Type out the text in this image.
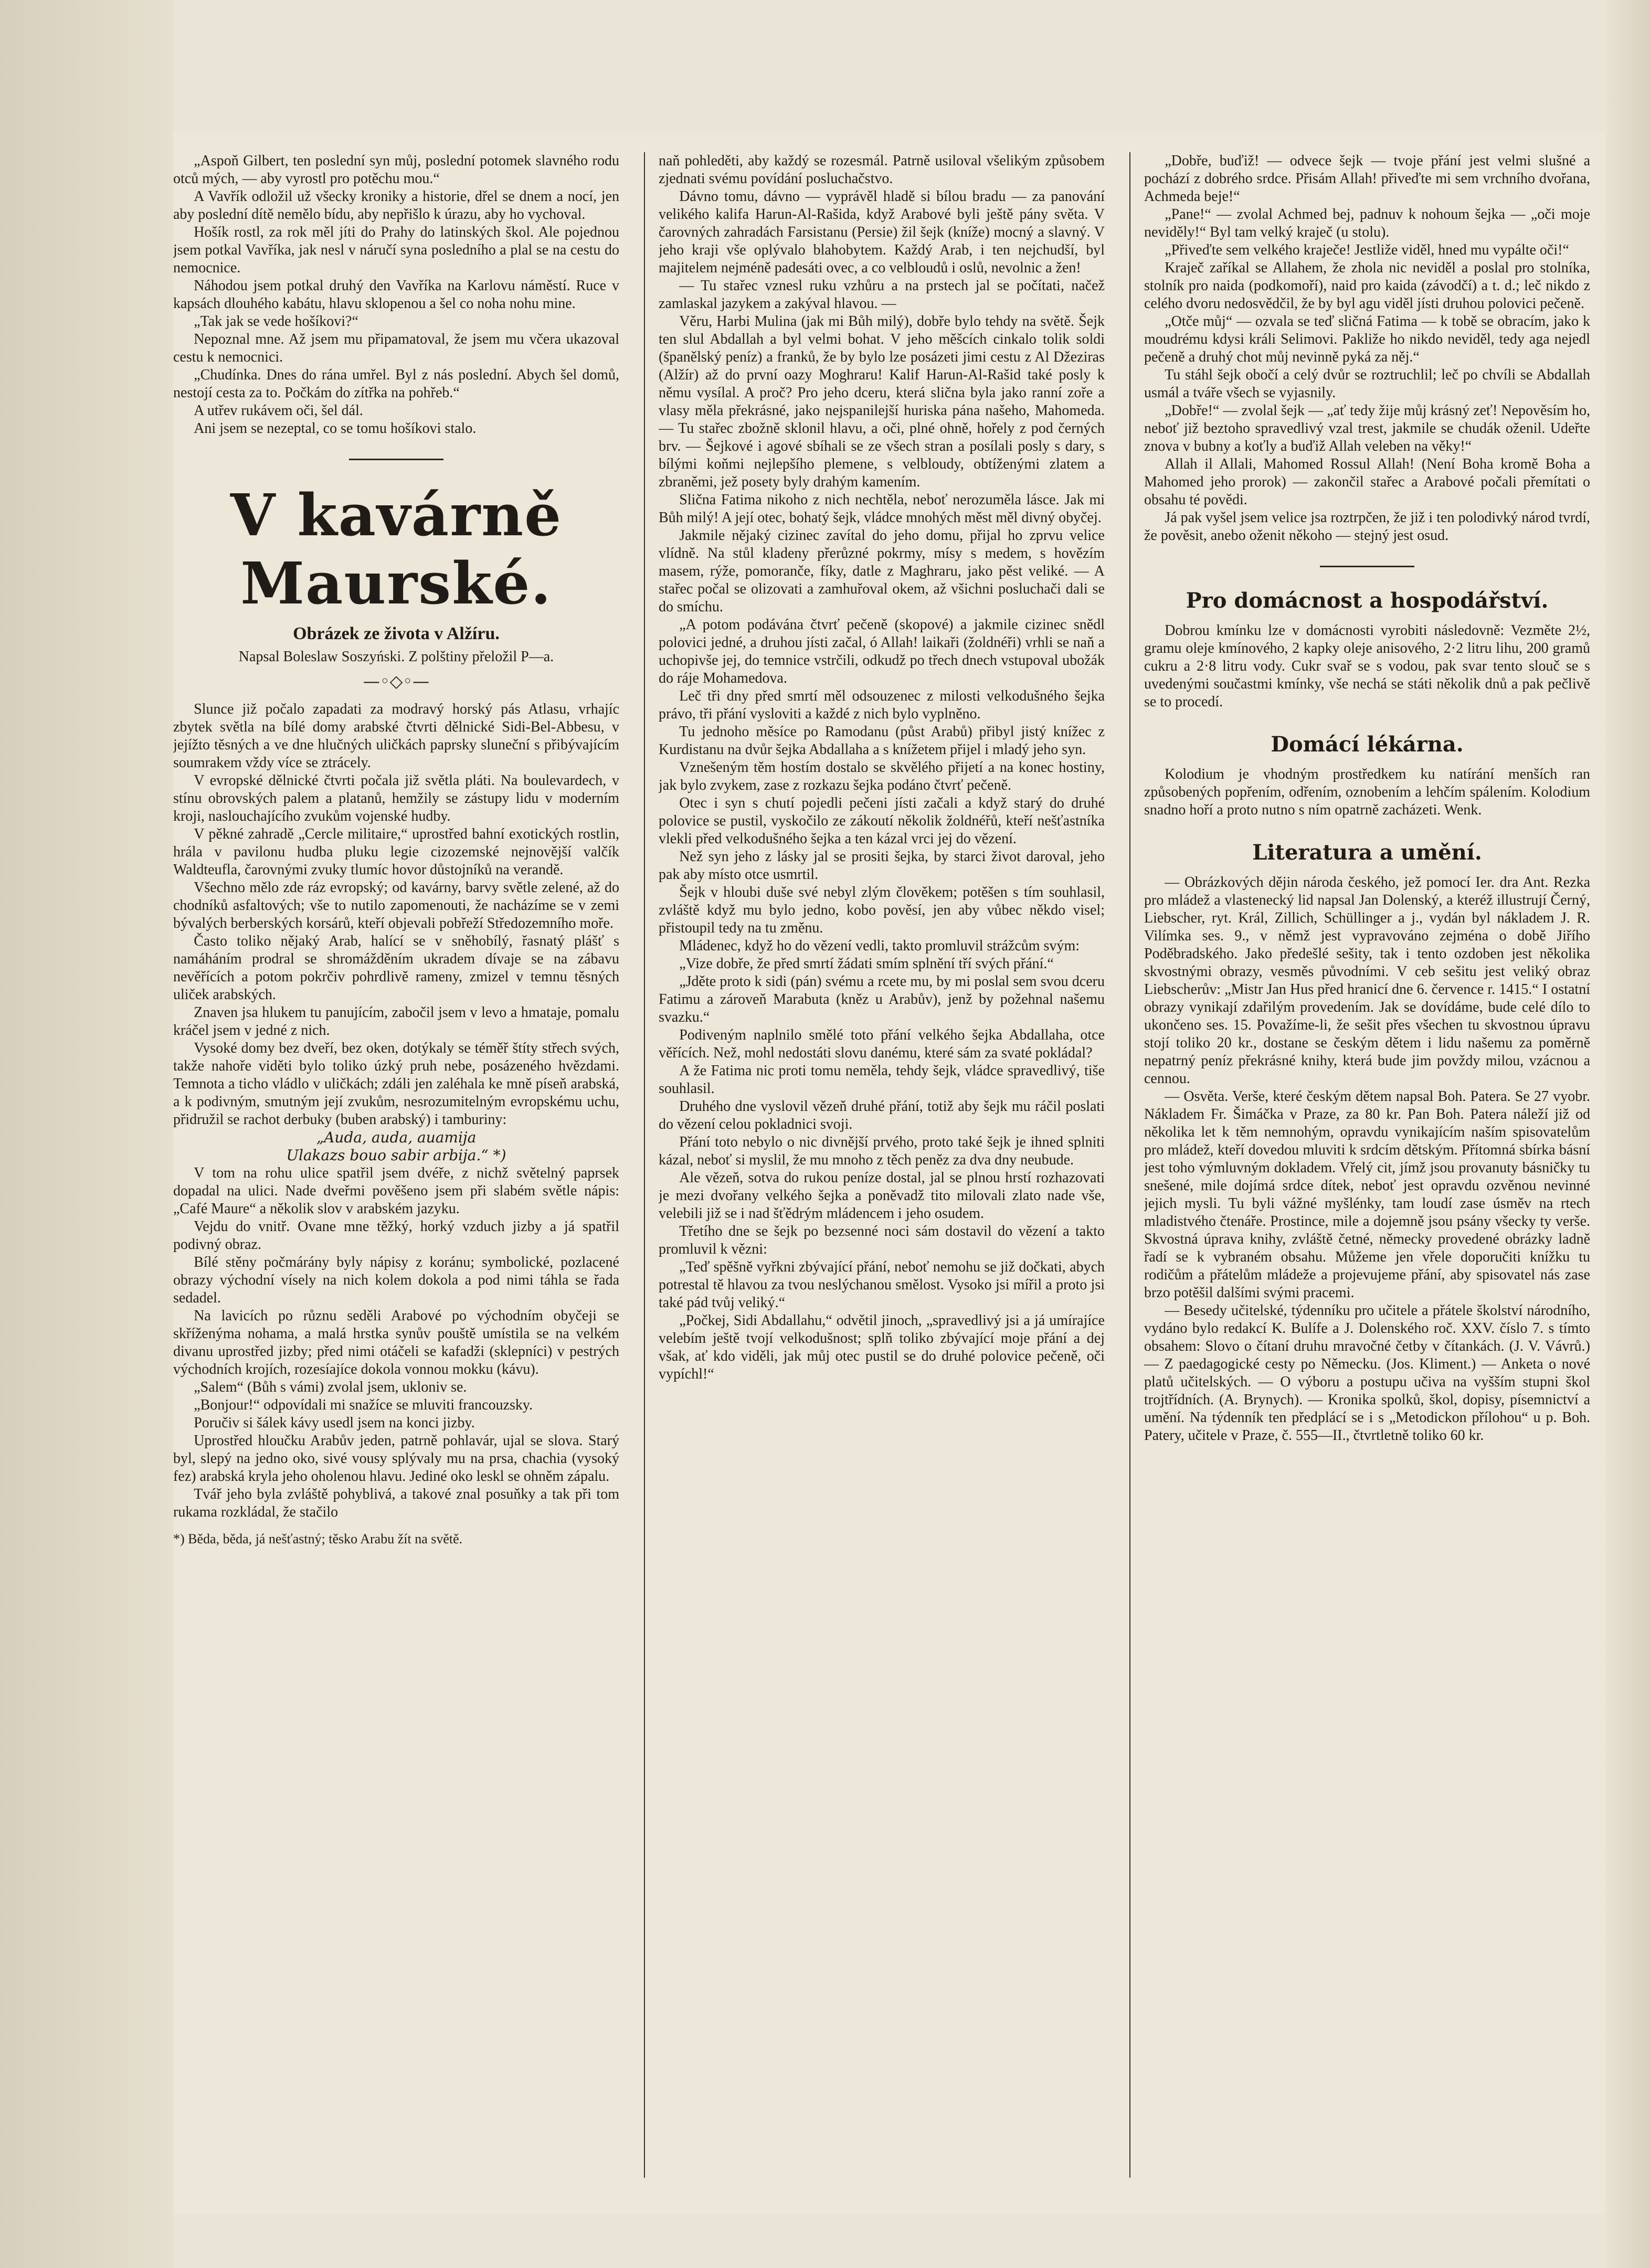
„Aspoň Gilbert, ten poslední syn můj, poslední potomek slavného rodu otců mých, — aby vyrostl pro potěchu mou.“

A Vavřík odložil už všecky kroniky a historie, dřel se dnem a nocí, jen aby poslední dítě nemělo bídu, aby nepřišlo k úrazu, aby ho vychoval.

Hošík rostl, za rok měl jíti do Prahy do latinských škol. Ale pojednou jsem potkal Vavříka, jak nesl v náručí syna posledního a plal se na cestu do nemocnice.

Náhodou jsem potkal druhý den Vavříka na Karlovu náměstí. Ruce v kapsách dlouhého kabátu, hlavu sklopenou a šel co noha nohu mine.

„Tak jak se vede hošíkovi?“

Nepoznal mne. Až jsem mu připamatoval, že jsem mu včera ukazoval cestu k nemocnici.

„Chudínka. Dnes do rána umřel. Byl z nás poslední. Abych šel domů, nestojí cesta za to. Počkám do zítřka na pohřeb.“

A utřev rukávem oči, šel dál.

Ani jsem se nezeptal, co se tomu hošíkovi stalo.

V kavárně Maurské.
Obrázek ze života v Alžíru.
Napsal Boleslaw Soszyński. Z polštiny přeložil P—a.
—◦◇◦—

Slunce již počalo zapadati za modravý horský pás Atlasu, vrhajíc zbytek světla na bílé domy arabské čtvrti dělnické Sidi-Bel-Abbesu, v jejížto těsných a ve dne hlučných uličkách paprsky sluneční s přibývajícím soumrakem vždy více se ztrácely.

V evropské dělnické čtvrti počala již světla pláti. Na boulevardech, v stínu obrovských palem a platanů, hemžily se zástupy lidu v moderním kroji, naslouchajícího zvukům vojenské hudby.

V pěkné zahradě „Cercle militaire,“ uprostřed bahní exotických rostlin, hrála v pavilonu hudba pluku legie cizozemské nejnovější valčík Waldteufla, čarovnými zvuky tlumíc hovor důstojníků na verandě.

Všechno mělo zde ráz evropský; od kavárny, barvy světle zelené, až do chodníků asfaltových; vše to nutilo zapomenouti, že nacházíme se v zemi bývalých berberských korsárů, kteří objevali pobřeží Středozemního moře.

Často toliko nějaký Arab, halící se v sněhobílý, řasnatý plášť s namáháním prodral se shromážděním ukradem dívaje se na zábavu nevěřících a potom pokrčiv pohrdlivě rameny, zmizel v temnu těsných uliček arabských.

Znaven jsa hlukem tu panujícím, zabočil jsem v levo a hmataje, pomalu kráčel jsem v jedné z nich.

Vysoké domy bez dveří, bez oken, dotýkaly se téměř štíty střech svých, takže nahoře viděti bylo toliko úzký pruh nebe, posázeného hvězdami. Temnota a ticho vládlo v uličkách; zdáli jen zaléhala ke mně píseň arabská, a k podivným, smutným její zvukům, nesrozumitelným evropskému uchu, přidružil se rachot derbuky (buben arabský) i tamburiny:

„Auda, auda, auamija
Ulakazs bouo sabir arbija.“ *)

V tom na rohu ulice spatřil jsem dvéře, z nichž světelný paprsek dopadal na ulici. Nade dveřmi pověšeno jsem při slabém světle nápis: „Café Maure“ a několik slov v arabském jazyku.

Vejdu do vnitř. Ovane mne těžký, horký vzduch jizby a já spatřil podivný obraz.

Bílé stěny počmárány byly nápisy z koránu; symbolické, pozlacené obrazy východní vísely na nich kolem dokola a pod nimi táhla se řada sedadel.

Na lavicích po různu seděli Arabové po východním obyčeji se skříženýma nohama, a malá hrstka synův pouště umístila se na velkém divanu uprostřed jizby; před nimi otáčeli se kafadži (sklepníci) v pestrých východních krojích, rozesíajíce dokola vonnou mokku (kávu).

„Salem“ (Bůh s vámi) zvolal jsem, ukloniv se.

„Bonjour!“ odpovídali mi snažíce se mluviti francouzsky.

Poručiv si šálek kávy usedl jsem na konci jizby.

Uprostřed hloučku Arabův jeden, patrně pohlavár, ujal se slova. Starý byl, slepý na jedno oko, sivé vousy splývaly mu na prsa, chachia (vysoký fez) arabská kryla jeho oholenou hlavu. Jediné oko leskl se ohněm zápalu.

Tvář jeho byla zvláště pohyblivá, a takové znal posuňky a tak při tom rukama rozkládal, že stačilo

*) Běda, běda, já nešťastný; těsko Arabu žít na světě.

naň pohleděti, aby každý se rozesmál. Patrně usiloval všelikým způsobem zjednati svému povídání posluchačstvo.

Dávno tomu, dávno — vyprávěl hladě si bílou bradu — za panování velikého kalifa Harun-Al-Rašida, když Arabové byli ještě pány světa. V čarovných zahradách Farsistanu (Persie) žil šejk (kníže) mocný a slavný. V jeho kraji vše oplývalo blahobytem. Každý Arab, i ten nejchudší, byl majitelem nejméně padesáti ovec, a co velbloudů i oslů, nevolnic a žen!

— Tu stařec vznesl ruku vzhůru a na prstech jal se počítati, načež zamlaskal jazykem a zakýval hlavou. —

Věru, Harbi Mulina (jak mi Bůh milý), dobře bylo tehdy na světě. Šejk ten slul Abdallah a byl velmi bohat. V jeho měšcích cinkalo tolik soldi (španělský peníz) a franků, že by bylo lze posázeti jimi cestu z Al Džeziras (Alžír) až do první oazy Moghraru! Kalif Harun-Al-Rašid také posly k němu vysílal. A proč? Pro jeho dceru, která slična byla jako ranní zoře a vlasy měla překrásné, jako nejspanilejší huriska pána našeho, Mahomeda. — Tu stařec zbožně sklonil hlavu, a oči, plné ohně, hořely z pod černých brv. — Šejkové i agové sbíhali se ze všech stran a posílali posly s dary, s bílými koňmi nejlepšího plemene, s velbloudy, obtíženými zlatem a zbraněmi, jež posety byly drahým kamením.

Slična Fatima nikoho z nich nechtěla, neboť nerozuměla lásce. Jak mi Bůh milý! A její otec, bohatý šejk, vládce mnohých měst měl divný obyčej.

Jakmile nějaký cizinec zavítal do jeho domu, přijal ho zprvu velice vlídně. Na stůl kladeny přerůzné pokrmy, mísy s medem, s hovězím masem, rýže, pomoranče, fíky, datle z Maghraru, jako pěst veliké. — A stařec počal se olizovati a zamhuřoval okem, až všichni posluchači dali se do smíchu.

„A potom podávána čtvrť pečeně (skopové) a jakmile cizinec snědl polovici jedné, a druhou jísti začal, ó Allah! laikaři (žoldnéři) vrhli se naň a uchopivše jej, do temnice vstrčili, odkudž po třech dnech vstupoval ubožák do ráje Mohamedova.

Leč tři dny před smrtí měl odsouzenec z milosti velkodušného šejka právo, tři přání vysloviti a každé z nich bylo vyplněno.

Tu jednoho měsíce po Ramodanu (půst Arabů) přibyl jistý knížec z Kurdistanu na dvůr šejka Abdallaha a s knížetem přijel i mladý jeho syn.

Vznešeným těm hostím dostalo se skvělého přijetí a na konec hostiny, jak bylo zvykem, zase z rozkazu šejka podáno čtvrť pečeně.

Otec i syn s chutí pojedli pečeni jísti začali a když starý do druhé polovice se pustil, vyskočilo ze zákoutí několik žoldnéřů, kteří nešťastníka vlekli před velkodušného šejka a ten kázal vrci jej do vězení.

Než syn jeho z lásky jal se prositi šejka, by starci život daroval, jeho pak aby místo otce usmrtil.

Šejk v hloubi duše své nebyl zlým člověkem; potěšen s tím souhlasil, zvláště když mu bylo jedno, kobo pověsí, jen aby vůbec někdo visel; přistoupil tedy na tu změnu.

Mládenec, když ho do vězení vedli, takto promluvil strážcům svým:

„Vize dobře, že před smrtí žádati smím splnění tří svých přání.“

„Jděte proto k sidi (pán) svému a rcete mu, by mi poslal sem svou dceru Fatimu a zároveň Marabuta (kněz u Arabův), jenž by požehnal našemu svazku.“

Podiveným naplnilo smělé toto přání velkého šejka Abdallaha, otce věřících. Než, mohl nedostáti slovu danému, které sám za svaté pokládal?

A že Fatima nic proti tomu neměla, tehdy šejk, vládce spravedlivý, tiše souhlasil.

Druhého dne vyslovil vězeň druhé přání, totiž aby šejk mu ráčil poslati do vězení celou pokladnici svoji.

Přání toto nebylo o nic divnější prvého, proto také šejk je ihned splniti kázal, neboť si myslil, že mu mnoho z těch peněz za dva dny neubude.

Ale vězeň, sotva do rukou peníze dostal, jal se plnou hrstí rozhazovati je mezi dvořany velkého šejka a poněvadž tito milovali zlato nade vše, velebili již se i nad šťědrým mládencem i jeho osudem.

Třetího dne se šejk po bezsenné noci sám dostavil do vězení a takto promluvil k vězni:

„Teď spěšně vyřkni zbývající přání, neboť nemohu se již dočkati, abych potrestal tě hlavou za tvou neslýchanou smělost. Vysoko jsi mířil a proto jsi také pád tvůj veliký.“

„Počkej, Sidi Abdallahu,“ odvětil jinoch, „spravedlivý jsi a já umírajíce velebím ještě tvojí velkodušnost; splň toliko zbývající moje přání a dej však, ať kdo viděli, jak můj otec pustil se do druhé polovice pečeně, oči vypíchl!“

„Dobře, buďiž! — odvece šejk — tvoje přání jest velmi slušné a pochází z dobrého srdce. Přisám Allah! přiveďte mi sem vrchního dvořana, Achmeda beje!“

„Pane!“ — zvolal Achmed bej, padnuv k nohoum šejka — „oči moje neviděly!“ Byl tam velký kraječ (u stolu).

„Přiveďte sem velkého kraječe! Jestliže viděl, hned mu vypálte oči!“

Kraječ zaříkal se Allahem, že zhola nic neviděl a poslal pro stolníka, stolník pro naida (podkomoří), naid pro kaida (závodčí) a t. d.; leč nikdo z celého dvoru nedosvědčil, že by byl agu viděl jísti druhou polovici pečeně.

„Otče můj“ — ozvala se teď sličná Fatima — k tobě se obracím, jako k moudrému kdysi králi Selimovi. Pakliže ho nikdo neviděl, tedy aga nejedl pečeně a druhý chot můj nevinně pyká za něj.“

Tu stáhl šejk obočí a celý dvůr se roztruchlil; leč po chvíli se Abdallah usmál a tváře všech se vyjasnily.

„Dobře!“ — zvolal šejk — „ať tedy žije můj krásný zeť! Nepověsím ho, neboť již beztoho spravedlivý vzal trest, jakmile se chudák oženil. Udeřte znova v bubny a koťly a buďiž Allah veleben na věky!“

Allah il Allali, Mahomed Rossul Allah! (Není Boha kromě Boha a Mahomed jeho prorok) — zakončil stařec a Arabové počali přemítati o obsahu té povědi.

Já pak vyšel jsem velice jsa roztrpčen, že již i ten polodivký národ tvrdí, že pověsit, anebo oženit někoho — stejný jest osud.

Pro domácnost a hospodářství.

Dobrou kmínku lze v domácnosti vyrobiti následovně: Vezměte 2½, gramu oleje kmínového, 2 kapky oleje anisového, 2·2 litru lihu, 200 gramů cukru a 2·8 litru vody. Cukr svař se s vodou, pak svar tento slouč se s uvedenými součastmi kmínky, vše nechá se státi několik dnů a pak pečlivě se to procedí.

Domácí lékárna.

Kolodium je vhodným prostředkem ku natírání menších ran způsobených popřením, odřením, oznobením a lehčím spálením. Kolodium snadno hoří a proto nutno s ním opatrně zacházeti. Wenk.

Literatura a umění.

— Obrázkových dějin národa českého, jež pomocí Ier. dra Ant. Rezka pro mládež a vlastenecký lid napsal Jan Dolenský, a kteréž illustrují Černý, Liebscher, ryt. Král, Zillich, Schüllinger a j., vydán byl nákladem J. R. Vilímka ses. 9., v němž jest vypravováno zejména o době Jiřího Poděbradského. Jako předešlé sešity, tak i tento ozdoben jest několika skvostnými obrazy, vesměs původními. V ceb sešitu jest veliký obraz Liebscherův: „Mistr Jan Hus před hranicí dne 6. července r. 1415.“ I ostatní obrazy vynikají zdařilým provedením. Jak se dovídáme, bude celé dílo to ukončeno ses. 15. Považíme-li, že sešit přes všechen tu skvostnou úpravu stojí toliko 20 kr., dostane se českým dětem i lidu našemu za poměrně nepatrný peníz překrásné knihy, která bude jim povždy milou, vzácnou a cennou.

— Osvěta. Verše, které českým dětem napsal Boh. Patera. Se 27 vyobr. Nákladem Fr. Šimáčka v Praze, za 80 kr. Pan Boh. Patera náleží již od několika let k těm nemnohým, opravdu vynikajícím naším spisovatelům pro mládež, kteří dovedou mluviti k srdcím dětským. Přítomná sbírka básní jest toho výmluvným dokladem. Vřelý cit, jímž jsou provanuty básničky tu snešené, mile dojímá srdce dítek, neboť jest opravdu ozvěnou nevinné jejich mysli. Tu byli vážné myšlénky, tam loudí zase úsměv na rtech mladistvého čtenáře. Prostince, mile a dojemně jsou psány všecky ty verše. Skvostná úprava knihy, zvláště četné, německy provedené obrázky ladně řadí se k vybraném obsahu. Můžeme jen vřele doporučiti knížku tu rodičům a přátelům mládeže a projevujeme přání, aby spisovatel nás zase brzo potěšil dalšími svými pracemi.

— Besedy učitelské, týdenníku pro učitele a přátele školství národního, vydáno bylo redakcí K. Bulífe a J. Dolenského roč. XXV. číslo 7. s tímto obsahem: Slovo o čítaní druhu mravočné četby v čítankách. (J. V. Vávrů.) — Z paedagogické cesty po Německu. (Jos. Kliment.) — Anketa o nové platů učitelských. — O výboru a postupu učiva na vyšším stupni škol trojtřídních. (A. Brynych). — Kronika spolků, škol, dopisy, písemnictví a umění. Na týdenník ten předplácí se i s „Metodickon přílohou“ u p. Boh. Patery, učitele v Praze, č. 555—II., čtvrtletně toliko 60 kr.
